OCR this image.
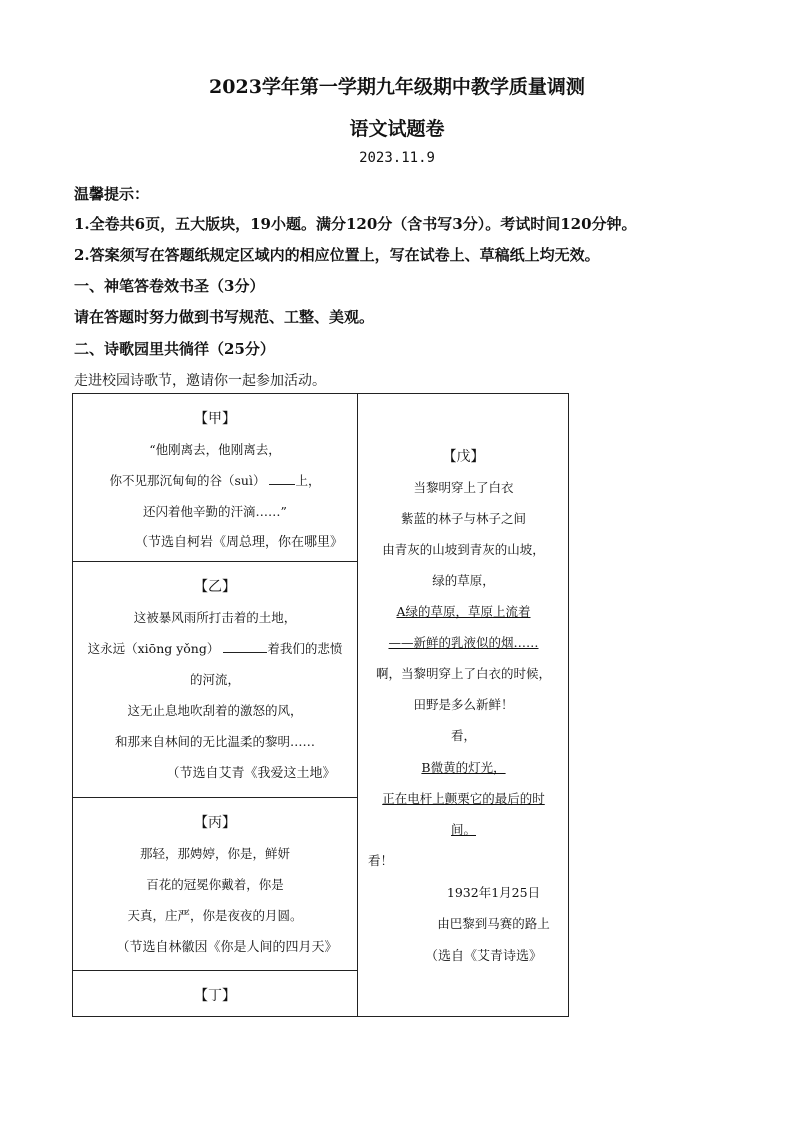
2023学年第一学期九年级期中教学质量调测
语文试题卷
2023.11.9
温馨提示：
1.全卷共6页，五大版块，19小题。满分120分（含书写3分）。考试时间120分钟。
2.答案须写在答题纸规定区域内的相应位置上，写在试卷上、草稿纸上均无效。
一、神笔答卷效书圣（3分）
请在答题时努力做到书写规范、工整、美观。
二、诗歌园里共徜徉（25分）
走进校园诗歌节，邀请你一起参加活动。
【甲】
“他刚离去，他刚离去，
你不见那沉甸甸的谷（suì） 上，
还闪着他辛勤的汗滴……”
（节选自柯岩《周总理，你在哪里》
【乙】
这被暴风雨所打击着的土地，
这永远（xiōng yǒng）	着我们的悲愤
的河流，
这无止息地吹刮着的激怒的风，
和那来自林间的无比温柔的黎明……
（节选自艾青《我爱这土地》
【丙】
那轻，那娉婷，你是，鲜妍
百花的冠冕你戴着，你是
天真，庄严，你是夜夜的月圆。
（节选自林徽因《你是人间的四月天》
【丁】
【戊】
当黎明穿上了白衣
紫蓝的林子与林子之间
由青灰的山坡到青灰的山坡，
绿的草原，
A绿的草原，草原上流着
——新鲜的乳液似的烟……
啊，当黎明穿上了白衣的时候，
田野是多么新鲜！
看，
B微黄的灯光，
正在电杆上颤栗它的最后的时
间。
看！
1932年1月25日
由巴黎到马赛的路上
（选自《艾青诗选》
